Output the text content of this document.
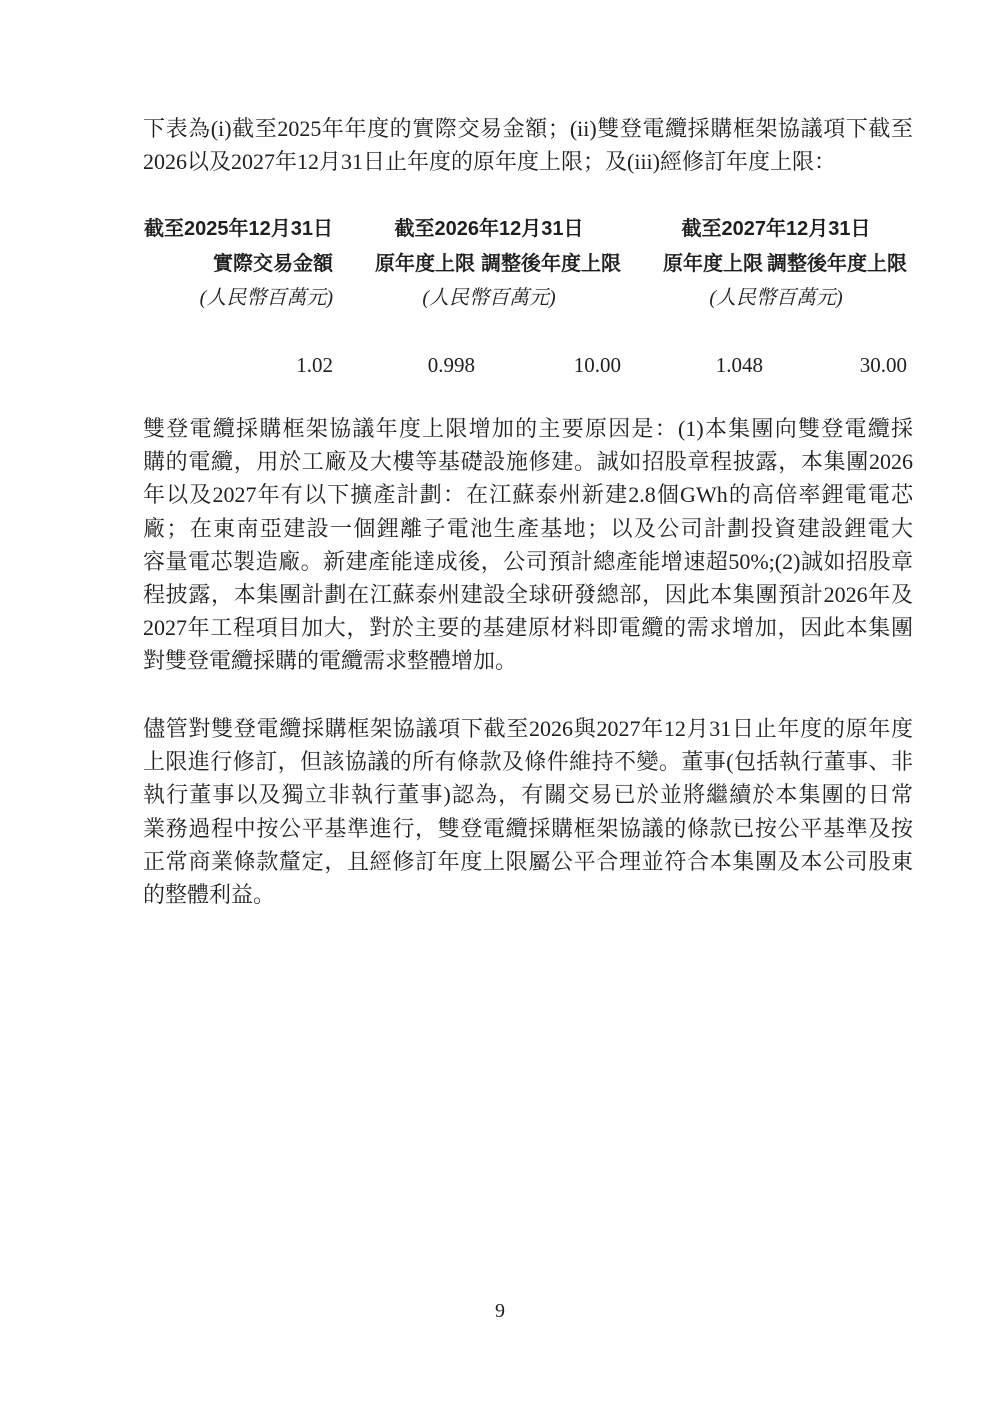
下表為(i)截至2025年年度的實際交易金額；(ii)雙登電纜採購框架協議項下截至
2026以及2027年12月31日止年度的原年度上限；及(iii)經修訂年度上限：
截至2025年12月31日	截至2026年12月31日	截至2027年12月31日
實際交易金額	原年度上限 調整後年度上限	原年度上限 調整後年度上限
(人民幣百萬元)	(人民幣百萬元)	(人民幣百萬元)
1.02	0.998	10.00	1.048	30.00
雙登電纜採購框架協議年度上限增加的主要原因是：(1)本集團向雙登電纜採
購的電纜，用於工廠及大樓等基礎設施修建。誠如招股章程披露，本集團2026
年以及2027年有以下擴產計劃：在江蘇泰州新建2.8個GWh的高倍率鋰電電芯
廠；在東南亞建設一個鋰離子電池生產基地；以及公司計劃投資建設鋰電大
容量電芯製造廠。新建產能達成後，公司預計總產能增速超50%;(2)誠如招股章
程披露，本集團計劃在江蘇泰州建設全球研發總部，因此本集團預計2026年及
2027年工程項目加大，對於主要的基建原材料即電纜的需求增加，因此本集團
對雙登電纜採購的電纜需求整體增加。
儘管對雙登電纜採購框架協議項下截至2026與2027年12月31日止年度的原年度
上限進行修訂，但該協議的所有條款及條件維持不變。董事(包括執行董事、非
執行董事以及獨立非執行董事)認為，有關交易已於並將繼續於本集團的日常
業務過程中按公平基準進行，雙登電纜採購框架協議的條款已按公平基準及按
正常商業條款釐定，且經修訂年度上限屬公平合理並符合本集團及本公司股東
的整體利益。
9
